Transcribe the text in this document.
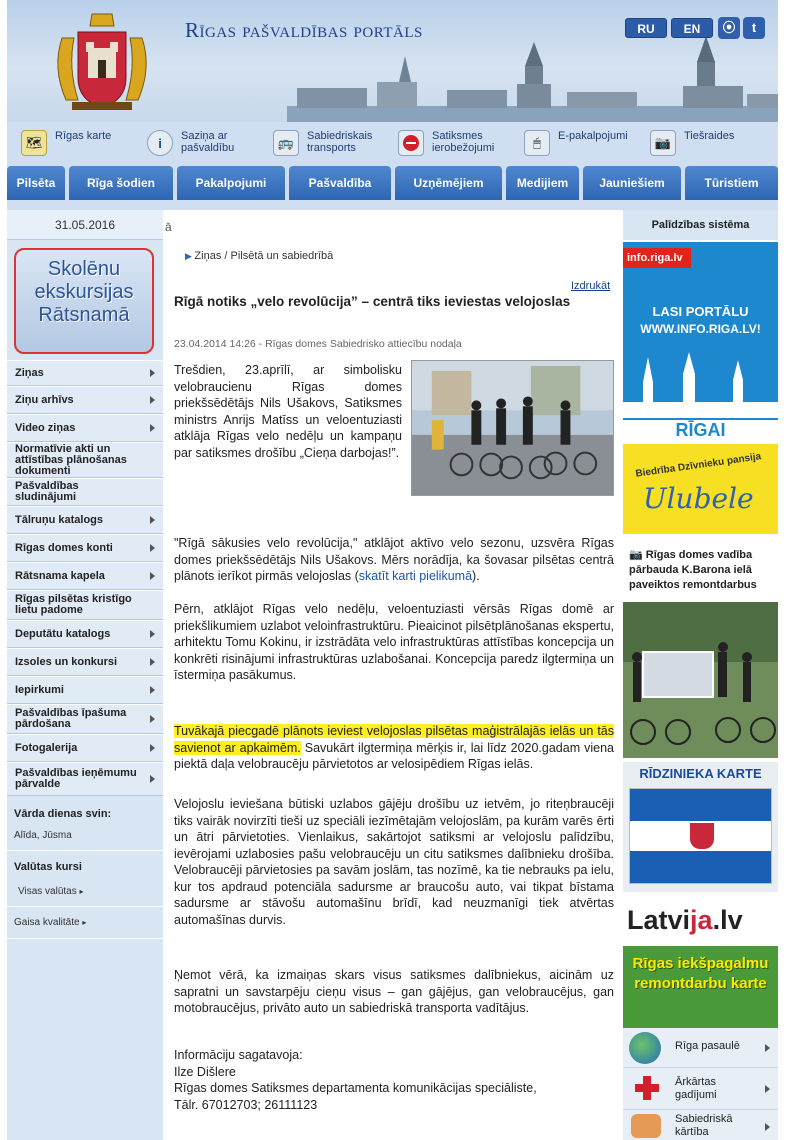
Rīgas pašvaldības portāls	RU	EN	⦿	t
🗺	Rīgas karte	i	Saziņa ar pašvaldību	🚌	Sabiedriskais transports
Satiksmes ierobežojumi	🖱	E-pakalpojumi	📷	Tiešraides
Pilsēta	Rīga šodien	Pakalpojumi	Pašvaldība	Uzņēmējiem	Medijiem	Jauniešiem	Tūristiem
31.05.2016
Skolēnu
ekskursijas
Rātsnamā
Ziņas
Ziņu arhīvs
Video ziņas
Normatīvie akti un attīstības plānošanas dokumenti
Pašvaldības sludinājumi
Tālruņu katalogs
Rīgas domes konti
Rātsnama kapela
Rīgas pilsētas kristīgo lietu padome
Deputātu katalogs
Izsoles un konkursi
Iepirkumi
Pašvaldības īpašuma pārdošana
Fotogalerija
Pašvaldības ieņēmumu pārvalde
Vārda dienas svin:
Alīda, Jūsma
Valūtas kursi
Visas valūtas ▸
Gaisa kvalitāte ▸
ā
▶ Ziņas / Pilsētā un sabiedrībā
Izdrukāt
Rīgā notiks „velo revolūcija” – centrā tiks ieviestas velojoslas
23.04.2014 14:26 - Rīgas domes Sabiedrisko attiecību nodaļa
Trešdien, 23.aprīlī, ar simbolisku velobraucienu Rīgas domes priekšsēdētājs Nils Ušakovs, Satiksmes ministrs Anrijs Matīss un veloentuziasti atklāja Rīgas velo nedēļu un kampaņu par satiksmes drošību „Cieņa darbojas!”.
"Rīgā sākusies velo revolūcija," atklājot aktīvo velo sezonu, uzsvēra Rīgas domes priekšsēdētājs Nils Ušakovs. Mērs norādīja, ka šovasar pilsētas centrā plānots ierīkot pirmās velojoslas (skatīt karti pielikumā).
Pērn, atklājot Rīgas velo nedēļu, veloentuziasti vērsās Rīgas domē ar priekšlikumiem uzlabot veloinfrastruktūru. Pieaicinot pilsētplānošanas ekspertu, arhitektu Tomu Kokinu, ir izstrādāta velo infrastruktūras attīstības koncepcija un konkrēti risinājumi infrastruktūras uzlabošanai. Koncepcija paredz ilgtermiņa un īstermiņa pasākumus.
Tuvākajā piecgadē plānots ieviest velojoslas pilsētas maģistrālajās ielās un tās savienot ar apkaimēm. Savukārt ilgtermiņa mērķis ir, lai līdz 2020.gadam viena piektā daļa velobraucēju pārvietotos ar velosipēdiem Rīgas ielās.
Velojoslu ieviešana būtiski uzlabos gājēju drošību uz ietvēm, jo riteņbraucēji tiks vairāk novirzīti tieši uz speciāli iezīmētajām velojoslām, pa kurām varēs ērti un ātri pārvietoties. Vienlaikus, sakārtojot satiksmi ar velojoslu palīdzību, ievērojami uzlabosies pašu velobraucēju un citu satiksmes dalībnieku drošība. Velobraucēji pārvietosies pa savām joslām, tas nozīmē, ka tie nebrauks pa ielu, kur tos apdraud potenciāla sadursme ar braucošu auto, vai tikpat bīstama sadursme ar stāvošu automašīnu brīdī, kad neuzmanīgi tiek atvērtas automašīnas durvis.
Ņemot vērā, ka izmaiņas skars visus satiksmes dalībniekus, aicinām uz sapratni un savstarpēju cieņu visus – gan gājējus, gan velobraucējus, gan motobraucējus, privāto auto un sabiedriskā transporta vadītājus.
Informāciju sagatavoja:
Ilze Dišlere
Rīgas domes Satiksmes departamenta komunikācijas speciāliste,
Tālr. 67012703; 26111123
Palīdzības sistēma
info.riga.lv
LASI PORTĀLU
WWW.INFO.RIGA.LV!
RĪGAI
Biedrība Dzīvnieku pansija
Ulubele
📷 Rīgas domes vadība pārbauda K.Barona ielā paveiktos remontdarbus
RĪDZINIEKA KARTE
Latvija.lv
Rīgas iekšpagalmu remontdarbu karte
Rīga pasaulē
Ārkārtas gadījumi
Sabiedriskā kārtība
